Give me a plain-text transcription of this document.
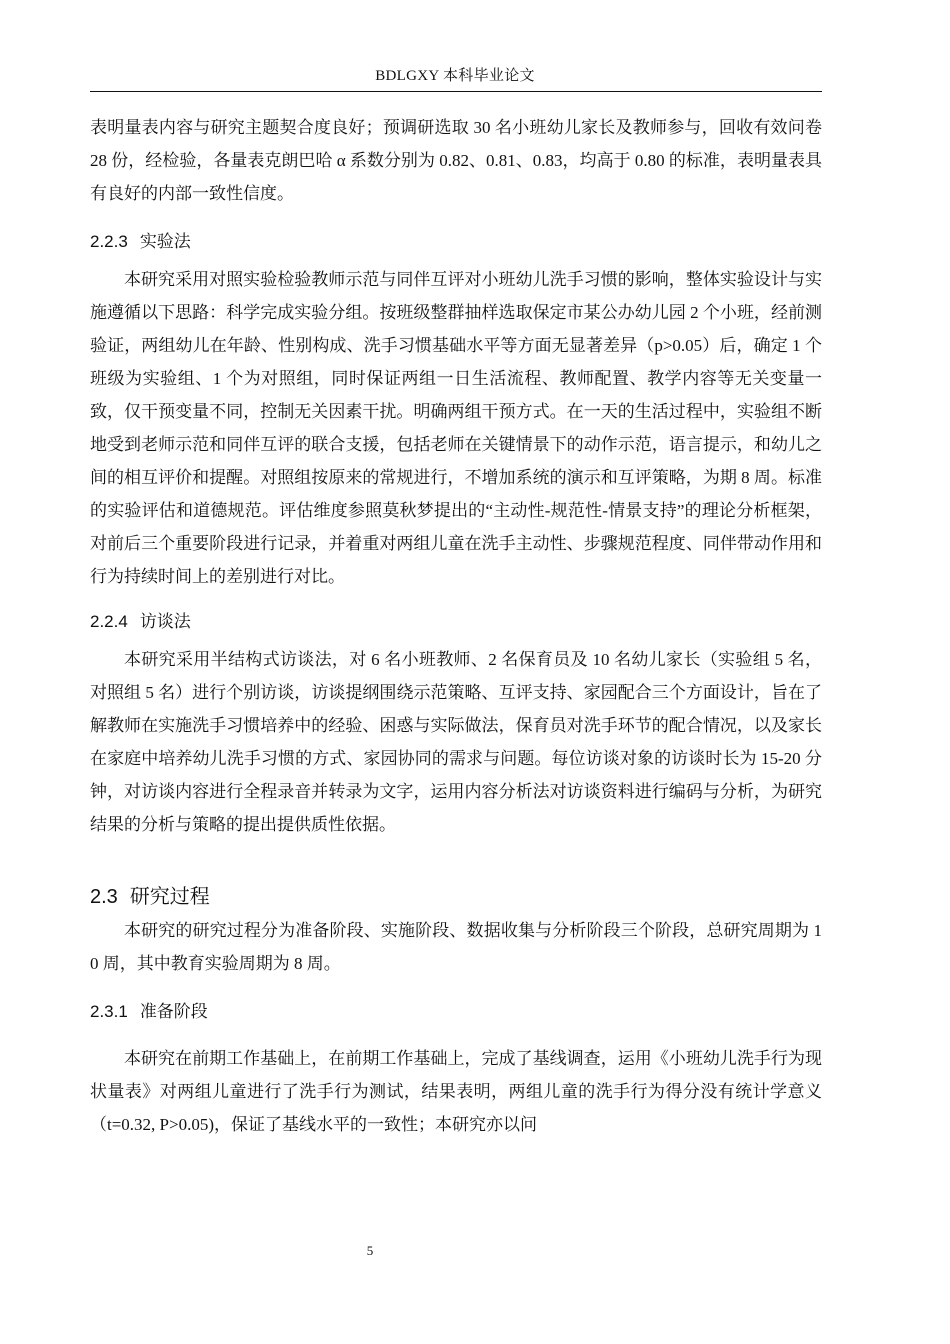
BDLGXY 本科毕业论文

表明量表内容与研究主题契合度良好；预调研选取 30 名小班幼儿家长及教师参与，回收有效问卷 28 份，经检验，各量表克朗巴哈 α 系数分别为 0.82、0.81、0.83，均高于 0.80 的标准，表明量表具有良好的内部一致性信度。

2.2.3 实验法

本研究采用对照实验检验教师示范与同伴互评对小班幼儿洗手习惯的影响，整体实验设计与实施遵循以下思路：科学完成实验分组。按班级整群抽样选取保定市某公办幼儿园 2 个小班，经前测验证，两组幼儿在年龄、性别构成、洗手习惯基础水平等方面无显著差异（p>0.05）后，确定 1 个班级为实验组、1 个为对照组，同时保证两组一日生活流程、教师配置、教学内容等无关变量一致，仅干预变量不同，控制无关因素干扰。明确两组干预方式。在一天的生活过程中，实验组不断地受到老师示范和同伴互评的联合支援，包括老师在关键情景下的动作示范，语言提示，和幼儿之间的相互评价和提醒。对照组按原来的常规进行，不增加系统的演示和互评策略，为期 8 周。标准的实验评估和道德规范。评估维度参照莫秋梦提出的“主动性-规范性-情景支持”的理论分析框架，对前后三个重要阶段进行记录，并着重对两组儿童在洗手主动性、步骤规范程度、同伴带动作用和行为持续时间上的差别进行对比。

2.2.4 访谈法

本研究采用半结构式访谈法，对 6 名小班教师、2 名保育员及 10 名幼儿家长（实验组 5 名，对照组 5 名）进行个别访谈，访谈提纲围绕示范策略、互评支持、家园配合三个方面设计，旨在了解教师在实施洗手习惯培养中的经验、困惑与实际做法，保育员对洗手环节的配合情况，以及家长在家庭中培养幼儿洗手习惯的方式、家园协同的需求与问题。每位访谈对象的访谈时长为 15-20 分钟，对访谈内容进行全程录音并转录为文字，运用内容分析法对访谈资料进行编码与分析，为研究结果的分析与策略的提出提供质性依据。

2.3 研究过程

本研究的研究过程分为准备阶段、实施阶段、数据收集与分析阶段三个阶段，总研究周期为 10 周，其中教育实验周期为 8 周。

2.3.1 准备阶段

本研究在前期工作基础上，在前期工作基础上，完成了基线调查，运用《小班幼儿洗手行为现状量表》对两组儿童进行了洗手行为测试，结果表明，两组儿童的洗手行为得分没有统计学意义（t=0.32, P>0.05)，保证了基线水平的一致性；本研究亦以问

5
